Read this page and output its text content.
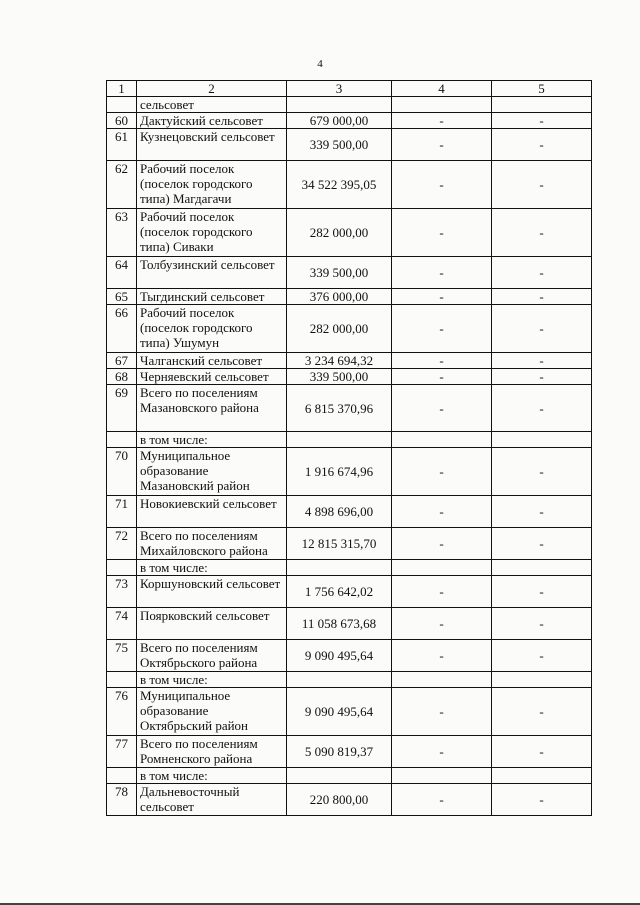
4
1	2	3	4	5
	сельсовет			
60	Дактуйский сельсовет	679 000,00	-	-
61	Кузнецовский сельсовет	339 500,00	-	-
62	Рабочий поселок (поселок городского типа) Магдагачи	34 522 395,05	-	-
63	Рабочий поселок (поселок городского типа) Сиваки	282 000,00	-	-
64	Толбузинский сельсовет	339 500,00	-	-
65	Тыгдинский сельсовет	376 000,00	-	-
66	Рабочий поселок (поселок городского типа) Ушумун	282 000,00	-	-
67	Чалганский сельсовет	3 234 694,32	-	-
68	Черняевский сельсовет	339 500,00	-	-
69	Всего по поселениям Мазановского района	6 815 370,96	-	-
	в том числе:			
70	Муниципальное образование Мазановский район	1 916 674,96	-	-
71	Новокиевский сельсовет	4 898 696,00	-	-
72	Всего по поселениям Михайловского района	12 815 315,70	-	-
	в том числе:			
73	Коршуновский сельсовет	1 756 642,02	-	-
74	Поярковский сельсовет	11 058 673,68	-	-
75	Всего по поселениям Октябрьского района	9 090 495,64	-	-
	в том числе:			
76	Муниципальное образование Октябрьский район	9 090 495,64	-	-
77	Всего по поселениям Ромненского района	5 090 819,37	-	-
	в том числе:			
78	Дальневосточный сельсовет	220 800,00	-	-
